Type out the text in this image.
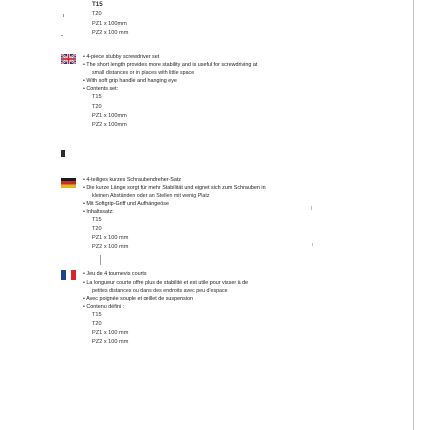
T15
T20
PZ1 x 100mm
PZ2 x 100 mm
• 4-piece stubby screwdriver set
• The short length provides more stability and is useful for screwdriving at
small distances or in places with little space
• With soft grip handle and hanging eye
• Contents set:
T15
T20
PZ1 x 100mm
PZ2 x 100mm
• 4-teiliges kurzes Schraubendreher-Satz
• Die kurze Länge sorgt für mehr Stabilität und eignet sich zum Schrauben in
kleinen Abständen oder an Stellen mit wenig Platz
• Mit Softgrip-Griff und Aufhängeöse
• Inhaltssatz:
T15
T20
PZ1 x 100 mm
PZ2 x 100 mm
• Jeu de 4 tournevis courts
• La longueur courte offre plus de stabilité et est utile pour visser à de
petites distances ou dans des endroits avec peu d'espace
• Avec poignée souple et œillet de suspension
• Contenu défini :
T15
T20
PZ1 x 100 mm
PZ2 x 100 mm
